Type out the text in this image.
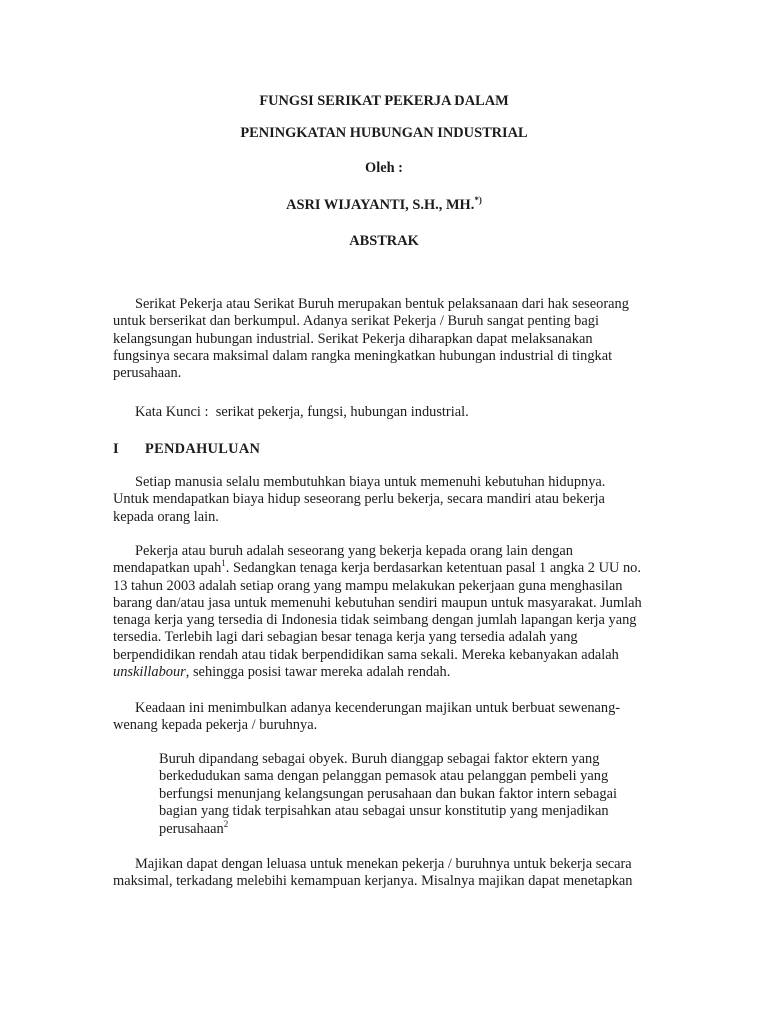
FUNGSI SERIKAT PEKERJA DALAM
PENINGKATAN HUBUNGAN INDUSTRIAL
Oleh :
ASRI WIJAYANTI, S.H., MH.*)
ABSTRAK
Serikat Pekerja atau Serikat Buruh merupakan bentuk pelaksanaan dari hak seseorang
untuk berserikat dan berkumpul. Adanya serikat Pekerja / Buruh sangat penting bagi
kelangsungan hubungan industrial. Serikat Pekerja diharapkan dapat melaksanakan
fungsinya secara maksimal dalam rangka meningkatkan hubungan industrial di tingkat
perusahaan.
Kata Kunci : serikat pekerja, fungsi, hubungan industrial.
I PENDAHULUAN
Setiap manusia selalu membutuhkan biaya untuk memenuhi kebutuhan hidupnya.
Untuk mendapatkan biaya hidup seseorang perlu bekerja, secara mandiri atau bekerja
kepada orang lain.
Pekerja atau buruh adalah seseorang yang bekerja kepada orang lain dengan
mendapatkan upah$^1$. Sedangkan tenaga kerja berdasarkan ketentuan pasal 1 angka 2 UU no.
13 tahun 2003 adalah setiap orang yang mampu melakukan pekerjaan guna menghasilan
barang dan/atau jasa untuk memenuhi kebutuhan sendiri maupun untuk masyarakat. Jumlah
tenaga kerja yang tersedia di Indonesia tidak seimbang dengan jumlah lapangan kerja yang
tersedia. Terlebih lagi dari sebagian besar tenaga kerja yang tersedia adalah yang
berpendidikan rendah atau tidak berpendidikan sama sekali. Mereka kebanyakan adalah
unskillabour, sehingga posisi tawar mereka adalah rendah.
Keadaan ini menimbulkan adanya kecenderungan majikan untuk berbuat sewenang-
wenang kepada pekerja / buruhnya.
Buruh dipandang sebagai obyek. Buruh dianggap sebagai faktor ektern yang
berkedudukan sama dengan pelanggan pemasok atau pelanggan pembeli yang
berfungsi menunjang kelangsungan perusahaan dan bukan faktor intern sebagai
bagian yang tidak terpisahkan atau sebagai unsur konstitutip yang menjadikan
perusahaan$^2$
Majikan dapat dengan leluasa untuk menekan pekerja / buruhnya untuk bekerja secara
maksimal, terkadang melebihi kemampuan kerjanya. Misalnya majikan dapat menetapkan
